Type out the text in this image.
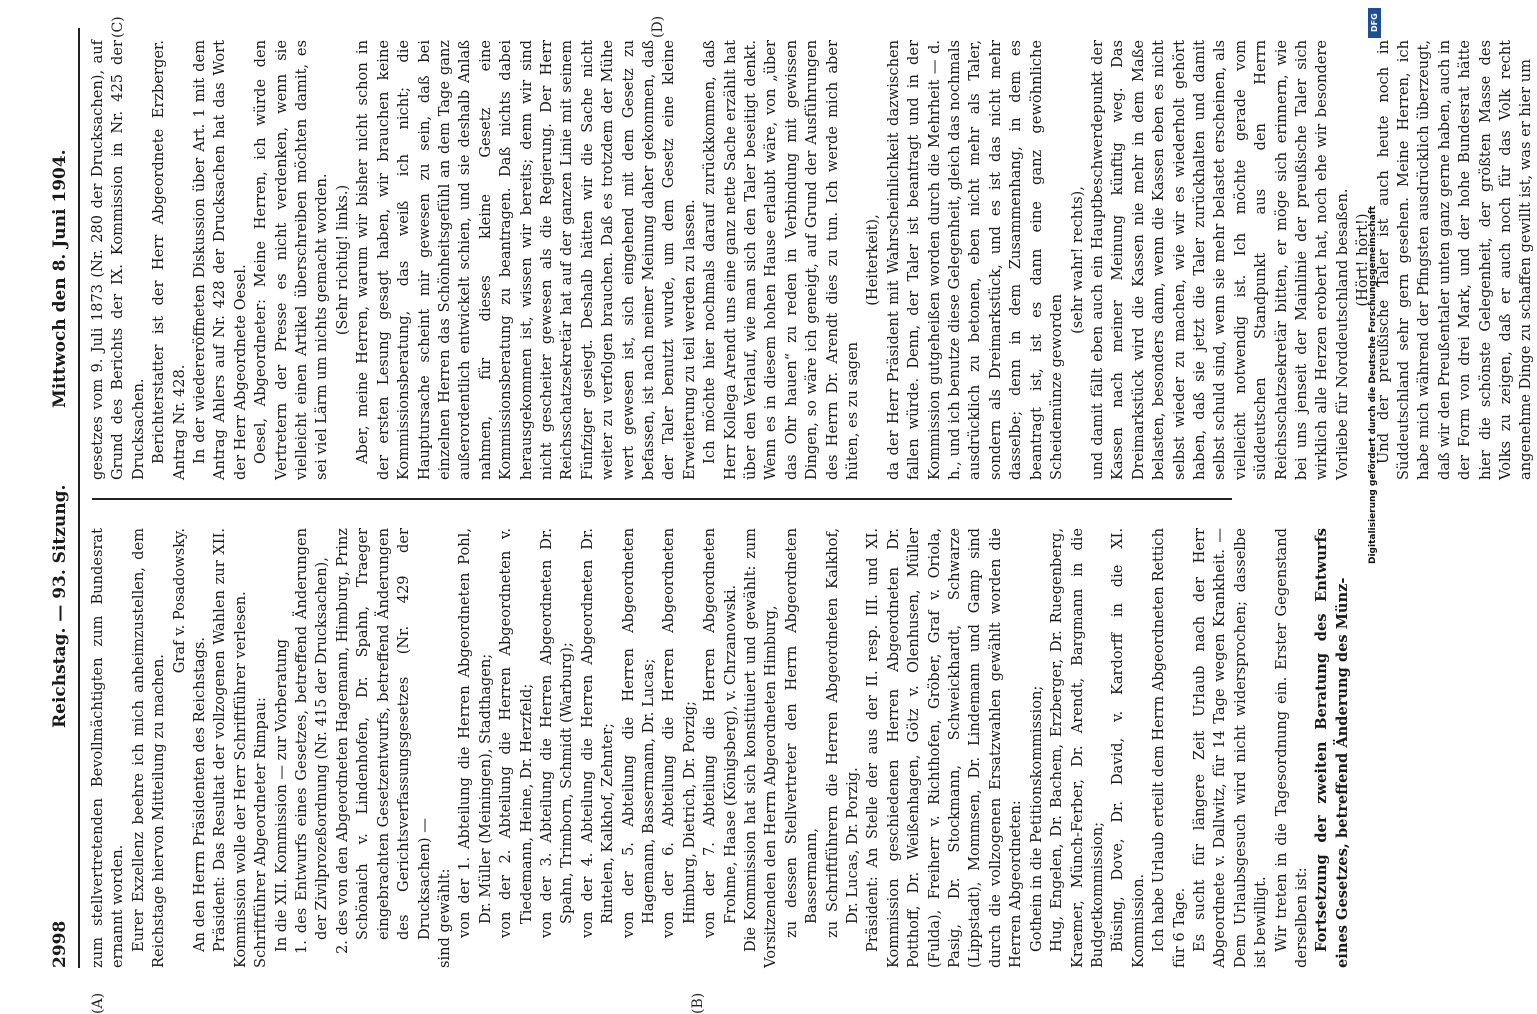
2998
Reichstag. — 93. Sitzung.
Mittwoch den 8. Juni 1904.
(A)	(B)
(C)	(D)

zum stellvertretenden Bevollmächtigten zum Bundesrat ernannt worden. Eurer Exzellenz beehre ich mich anheimzustellen, dem Reichstage hiervon Mitteilung zu machen.

Graf v. Posadowsky.

An den Herrn Präsidenten des Reichstags. Präsident: Das Resultat der vollzogenen Wahlen zur XII. Kommission wolle der Herr Schriftführer verlesen. Schriftführer Abgeordneter Rimpau: In die XII. Kommission — zur Vorberatung 1. des Entwurfs eines Gesetzes, betreffend Änderungen der Zivilprozeßordnung (Nr. 415 der Drucksachen), 2. des von den Abgeordneten Hagemann, Himburg, Prinz Schönaich v. Lindenhofen, Dr. Spahn, Traeger eingebrachten Gesetzentwurfs, betreffend Änderungen des Gerichtsverfassungsgesetzes (Nr. 429 der Drucksachen) — sind gewählt: von der 1. Abteilung die Herren Abgeordneten Pohl, Dr. Müller (Meiningen), Stadthagen; von der 2. Abteilung die Herren Abgeordneten v. Tiedemann, Heine, Dr. Herzfeld; von der 3. Abteilung die Herren Abgeordneten Dr. Spahn, Trimborn, Schmidt (Warburg); von der 4. Abteilung die Herren Abgeordneten Dr. Rintelen, Kalkhof, Zehnter; von der 5. Abteilung die Herren Abgeordneten Hagemann, Bassermann, Dr. Lucas; von der 6. Abteilung die Herren Abgeordneten Himburg, Dietrich, Dr. Porzig; von der 7. Abteilung die Herren Abgeordneten Frohme, Haase (Königsberg), v. Chrzanowski. Die Kommission hat sich konstituiert und gewählt: zum Vorsitzenden den Herrn Abgeordneten Himburg, zu dessen Stellvertreter den Herrn Abgeordneten Bassermann, zu Schriftführern die Herren Abgeordneten Kalkhof, Dr. Lucas, Dr. Porzig. Präsident: An Stelle der aus der II. resp. III. und XI. Kommission geschiedenen Herren Abgeordneten Dr. Potthoff, Dr. Weißenhagen, Götz v. Olenhusen, Müller (Fulda), Freiherr v. Richthofen, Gröber, Graf v. Oriola, Pasig, Dr. Stockmann, Schweickhardt, Schwarze (Lippstadt), Mommsen, Dr. Lindemann und Gamp sind durch die vollzogenen Ersatzwahlen gewählt worden die Herren Abgeordneten: Gothein in die Petitionskommission; Hug, Engelen, Dr. Bachem, Erzberger, Dr. Ruegenberg, Kraemer, Münch-Ferber, Dr. Arendt, Bargmann in die Budgetkommission; Büsing, Dove, Dr. David, v. Kardorff in die XI. Kommission. Ich habe Urlaub erteilt dem Herrn Abgeordneten Rettich für 6 Tage. Es sucht für längere Zeit Urlaub nach der Herr Abgeordnete v. Dallwitz, für 14 Tage wegen Krankheit. — Dem Urlaubsgesuch wird nicht widersprochen; dasselbe ist bewilligt. Wir treten in die Tagesordnung ein. Erster Gegenstand derselben ist: Fortsetzung der zweiten Beratung des Entwurfs eines Gesetzes, betreffend Änderung des Münz-

gesetzes vom 9. Juli 1873 (Nr. 280 der Drucksachen), auf Grund des Berichts der IX. Kommission in Nr. 425 der Drucksachen. Berichterstatter ist der Herr Abgeordnete Erzberger. Antrag Nr. 428. In der wiedereröffneten Diskussion über Art. 1 mit dem Antrag Ahlers auf Nr. 428 der Drucksachen hat das Wort der Herr Abgeordnete Oesel. Oesel, Abgeordneter: Meine Herren, ich würde den Vertretern der Presse es nicht verdenken, wenn sie vielleicht einen Artikel überschreiben möchten damit, es sei viel Lärm um nichts gemacht worden. (Sehr richtig! links.) Aber, meine Herren, warum wir bisher nicht schon in der ersten Lesung gesagt haben, wir brauchen keine Kommissionsberatung, das weiß ich nicht; die Hauptursache scheint mir gewesen zu sein, daß bei einzelnen Herren das Schönheitsgefühl an dem Tage ganz außerordentlich entwickelt schien, und sie deshalb Anlaß nahmen, für dieses kleine Gesetz eine Kommissionsberatung zu beantragen. Daß nichts dabei herausgekommen ist, wissen wir bereits; denn wir sind nicht gescheiter gewesen als die Regierung. Der Herr Reichsschatzsekretär hat auf der ganzen Linie mit seinem Fünfziger gesiegt. Deshalb hätten wir die Sache nicht weiter zu verfolgen brauchen. Daß es trotzdem der Mühe wert gewesen ist, sich eingehend mit dem Gesetz zu befassen, ist nach meiner Meinung daher gekommen, daß der Taler benutzt wurde, um dem Gesetz eine kleine Erweiterung zu teil werden zu lassen. Ich möchte hier nochmals darauf zurückkommen, daß Herr Kollega Arendt uns eine ganz nette Sache erzählt hat über den Verlauf, wie man sich den Taler beseitigt denkt. Wenn es in diesem hohen Hause erlaubt wäre, von „über das Ohr hauen“ zu reden in Verbindung mit gewissen Dingen, so wäre ich geneigt, auf Grund der Ausführungen des Herrn Dr. Arendt dies zu tun. Ich werde mich aber hüten, es zu sagen

(Heiterkeit), da der Herr Präsident mit Wahrscheinlichkeit dazwischen fallen würde. Denn, der Taler ist beantragt und in der Kommission gutgeheißen worden durch die Mehrheit — d. h., und ich benutze diese Gelegenheit, gleich das nochmals ausdrücklich zu betonen, eben nicht mehr als Taler, sondern als Dreimarkstück, und es ist das nicht mehr dasselbe; denn in dem Zusammenhang, in dem es beantragt ist, ist es dann eine ganz gewöhnliche Scheidemünze geworden

(sehr wahr! rechts), und damit fällt eben auch ein Hauptbeschwerdepunkt der Kassen nach meiner Meinung künftig weg. Das Dreimarkstück wird die Kassen nie mehr in dem Maße belasten, besonders dann, wenn die Kassen eben es nicht selbst wieder zu machen, wie wir es wiederholt gehört haben, daß sie jetzt die Taler zurückhalten und damit selbst schuld sind, wenn sie mehr belastet erscheinen, als vielleicht notwendig ist. Ich möchte gerade vom süddeutschen Standpunkt aus den Herrn Reichsschatzsekretär bitten, er möge sich erinnern, wie bei uns jenseit der Mainlinie der preußische Taler sich wirklich alle Herzen erobert hat, noch ehe wir besondere Vorliebe für Norddeutschland besaßen. (Hört! hört!) Und der preußische Taler ist auch heute noch in Süddeutschland sehr gern gesehen. Meine Herren, ich habe mich während der Pfingsten ausdrücklich überzeugt, daß wir den Preußentaler unten ganz gerne haben, auch in der Form von drei Mark, und der hohe Bundesrat hätte hier die schönste Gelegenheit, der größten Masse des Volks zu zeigen, daß er auch noch für das Volk recht angenehme Dinge zu schaffen gewillt ist, was er hier um

DFG
Digitalisierung gefördert durch die Deutsche Forschungsgemeinschaft
